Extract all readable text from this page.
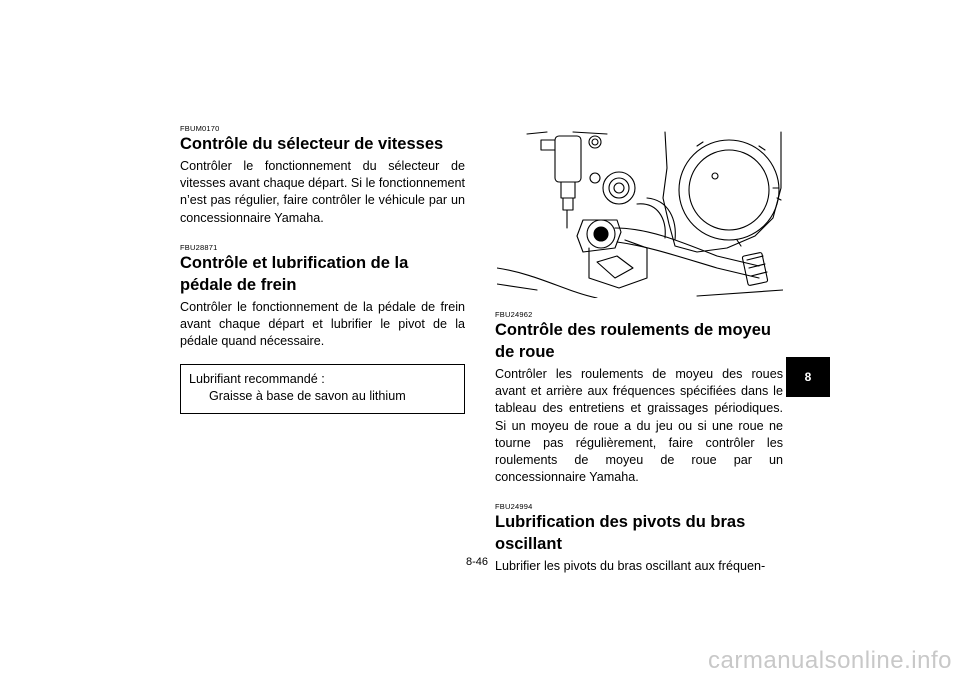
FBUM0170

Contrôle du sélecteur de vitesses

Contrôler le fonctionnement du sélecteur de vitesses avant chaque départ. Si le fonctionnement n’est pas régulier, faire contrôler le véhicule par un concessionnaire Yamaha.

FBU28871

Contrôle et lubrification de la pédale de frein

Contrôler le fonctionnement de la pédale de frein avant chaque départ et lubrifier le pivot de la pédale quand nécessaire.

Lubrifiant recommandé :
Graisse à base de savon au lithium

FBU24962

Contrôle des roulements de moyeu de roue

Contrôler les roulements de moyeu des roues avant et arrière aux fréquences spécifiées dans le tableau des entretiens et graissages périodiques. Si un moyeu de roue a du jeu ou si une roue ne tourne pas régulièrement, faire contrôler les roulements de moyeu de roue par un concessionnaire Yamaha.

FBU24994

Lubrification des pivots du bras oscillant

Lubrifier les pivots du bras oscillant aux fréquen-

8
8-46
carmanualsonline.info
